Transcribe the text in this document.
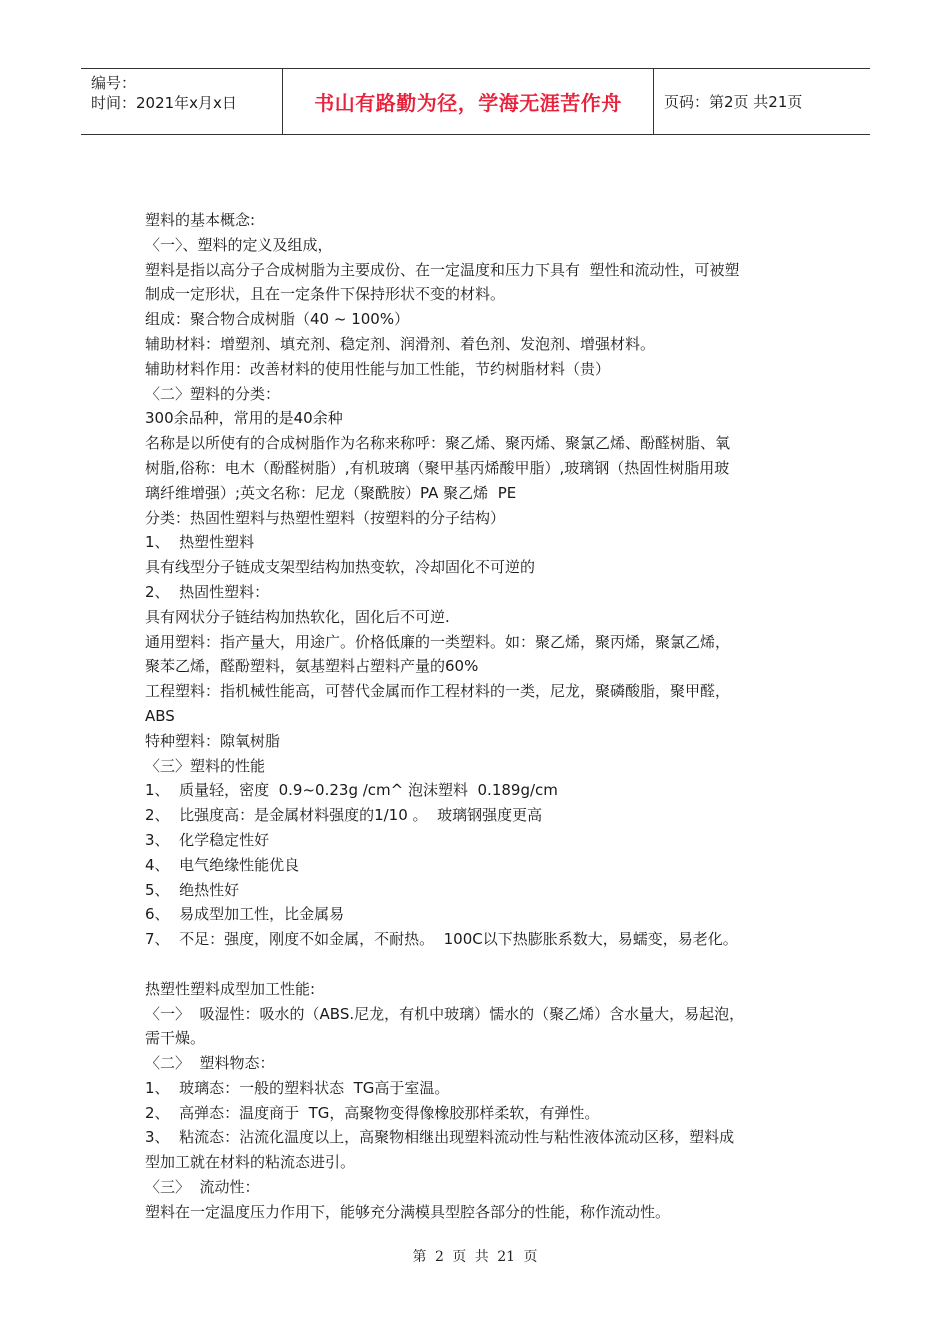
编号：
时间：2021年x月x日	书山有路勤为径，学海无涯苦作舟	页码：第2页 共21页

塑料的基本概念:

〈一〉、塑料的定义及组成，

塑料是指以高分子合成树脂为主要成份、在一定温度和压力下具有  塑性和流动性，可被塑

制成一定形状，且在一定条件下保持形状不变的材料。

组成：聚合物合成树脂（40 ~ 100%）

辅助材料：增塑剂、填充剂、稳定剂、润滑剂、着色剂、发泡剂、增强材料。

辅助材料作用：改善材料的使用性能与加工性能，节约树脂材料（贵）

〈二〉塑料的分类：

300余品种，常用的是40余种

名称是以所使有的合成树脂作为名称来称呼：聚乙烯、聚丙烯、聚氯乙烯、酚醛树脂、氧

树脂,俗称：电木（酚醛树脂）,有机玻璃（聚甲基丙烯酸甲脂）,玻璃钢（热固性树脂用玻

璃纤维增强）;英文名称：尼龙（聚酰胺）PA 聚乙烯  PE

分类：热固性塑料与热塑性塑料（按塑料的分子结构）

1、  热塑性塑料

具有线型分子链成支架型结构加热变软，冷却固化不可逆的

2、  热固性塑料：

具有网状分子链结构加热软化，固化后不可逆.

通用塑料：指产量大，用途广。价格低廉的一类塑料。如：聚乙烯，聚丙烯，聚氯乙烯，

聚苯乙烯，醛酚塑料，氨基塑料占塑料产量的60%

工程塑料：指机械性能高，可替代金属而作工程材料的一类，尼龙，聚磷酸脂，聚甲醛，

ABS

特种塑料：隙氧树脂

〈三〉塑料的性能

1、  质量轻，密度  0.9~0.23g /cm^ 泡沫塑料  0.189g/cm

2、  比强度高：是金属材料强度的1/10 。  玻璃钢强度更高

3、  化学稳定性好

4、  电气绝缘性能优良

5、  绝热性好

6、  易成型加工性，比金属易

7、  不足：强度，刚度不如金属，不耐热。  100C以下热膨胀系数大，易蠕变，易老化。

热塑性塑料成型加工性能:

〈一〉  吸湿性：吸水的（ABS.尼龙，有机中玻璃）懦水的（聚乙烯）含水量大，易起泡，

需干燥。

〈二〉  塑料物态：

1、  玻璃态：一般的塑料状态  TG高于室温。

2、  高弹态：温度商于  TG，高聚物变得像橡胶那样柔软，有弹性。

3、  粘流态：沾流化温度以上，高聚物相继出现塑料流动性与粘性液体流动区移，塑料成

型加工就在材料的粘流态进引。

〈三〉  流动性：

塑料在一定温度压力作用下，能够充分满模具型腔各部分的性能，称作流动性。

第 2 页 共 21 页
